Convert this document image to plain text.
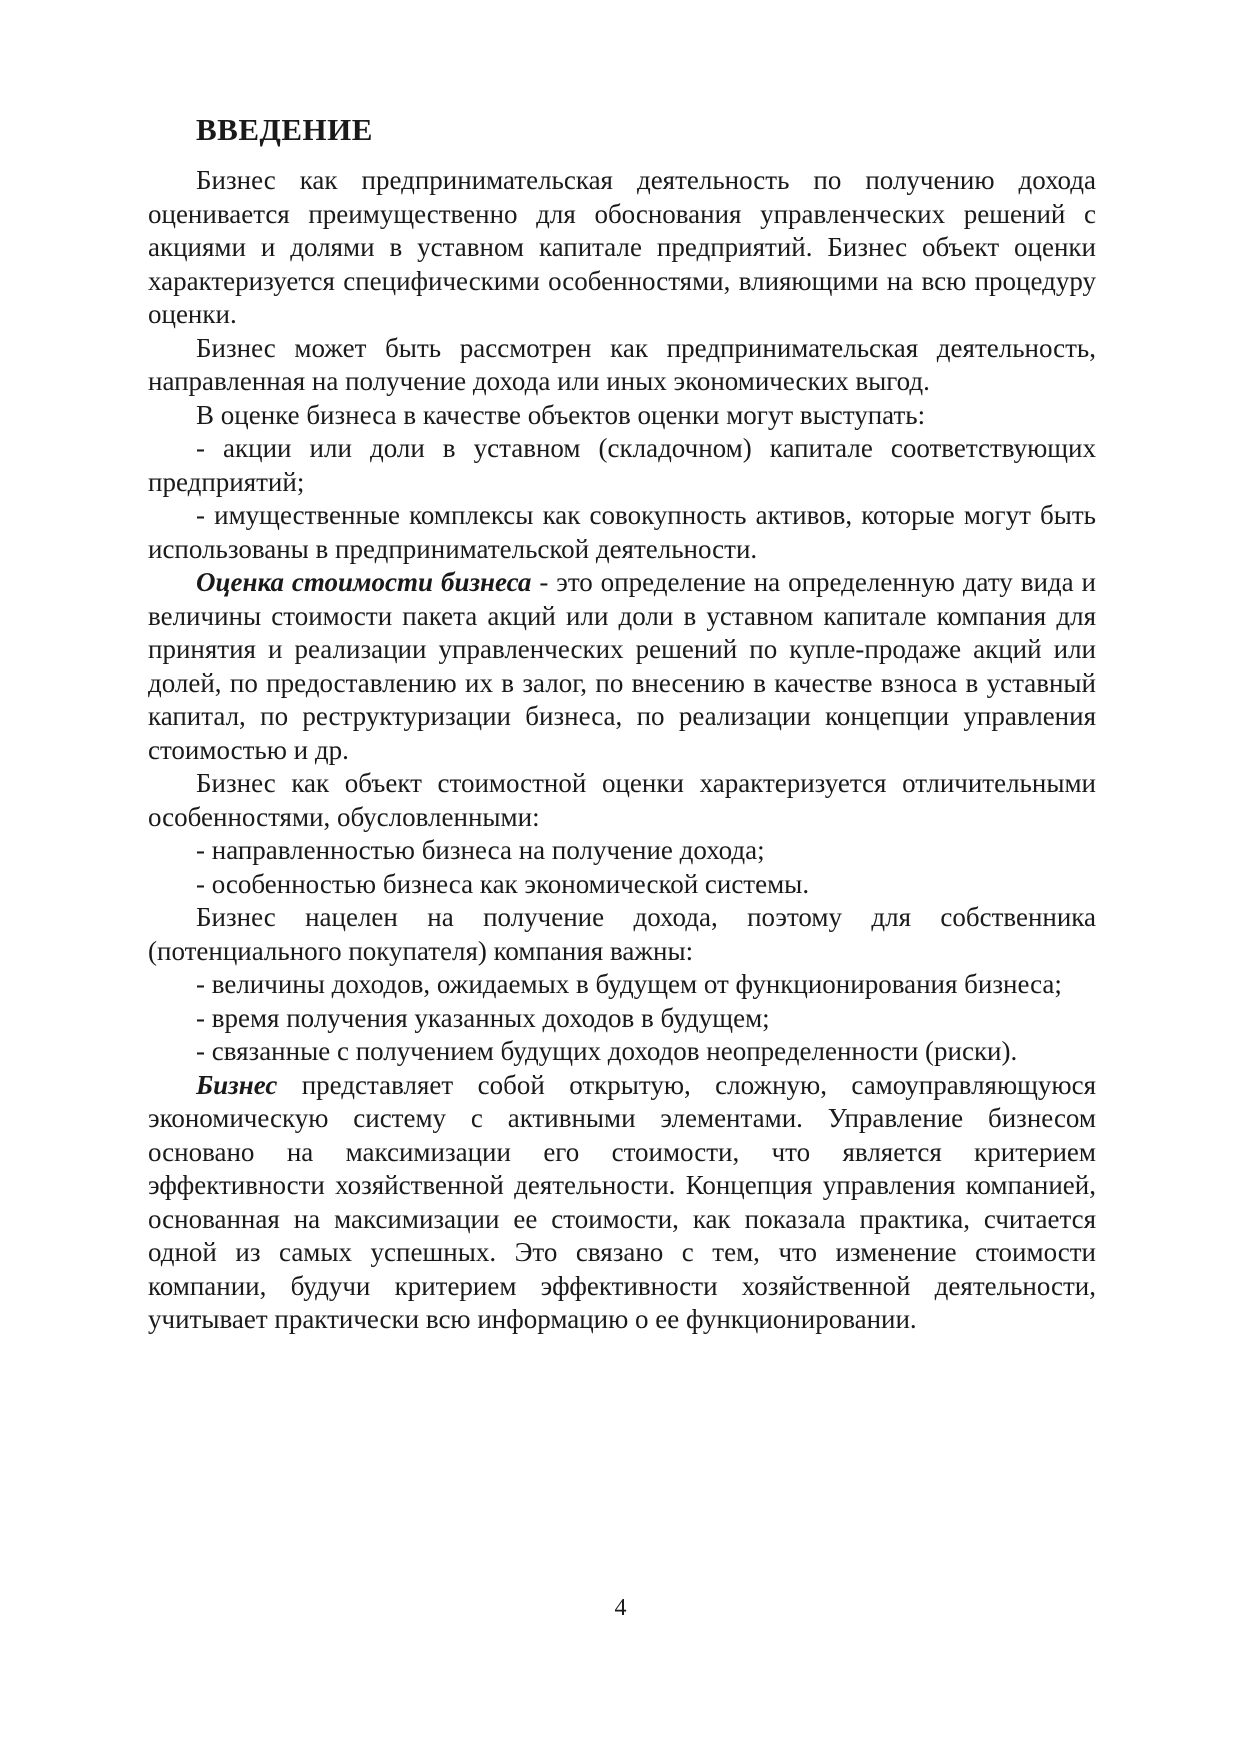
ВВЕДЕНИЕ

Бизнес как предпринимательская деятельность по получению дохода оценивается преимущественно для обоснования управленческих решений с акциями и долями в уставном капитале предприятий. Бизнес объект оценки характеризуется специфическими особенностями, влияющими на всю процедуру оценки.

Бизнес может быть рассмотрен как предпринимательская деятельность, направленная на получение дохода или иных экономических выгод.

В оценке бизнеса в качестве объектов оценки могут выступать:

- акции или доли в уставном (складочном) капитале соответствующих предприятий;

- имущественные комплексы как совокупность активов, которые могут быть использованы в предпринимательской деятельности.

Оценка стоимости бизнеса - это определение на определенную дату вида и величины стоимости пакета акций или доли в уставном капитале компания для принятия и реализации управленческих решений по купле-продаже акций или долей, по предоставлению их в залог, по внесению в качестве взноса в уставный капитал, по реструктуризации бизнеса, по реализации концепции управления стоимостью и др.

Бизнес как объект стоимостной оценки характеризуется отличительными особенностями, обусловленными:

- направленностью бизнеса на получение дохода;

- особенностью бизнеса как экономической системы.

Бизнес нацелен на получение дохода, поэтому для собственника (потенциального покупателя) компания важны:

- величины доходов, ожидаемых в будущем от функционирования бизнеса;

- время получения указанных доходов в будущем;

- связанные с получением будущих доходов неопределенности (риски).

Бизнес представляет собой открытую, сложную, самоуправляющуюся экономическую систему с активными элементами. Управление бизнесом основано на максимизации его стоимости, что является критерием эффективности хозяйственной деятельности. Концепция управления компанией, основанная на максимизации ее стоимости, как показала практика, считается одной из самых успешных. Это связано с тем, что изменение стоимости компании, будучи критерием эффективности хозяйственной деятельности, учитывает практически всю информацию о ее функционировании.

4
